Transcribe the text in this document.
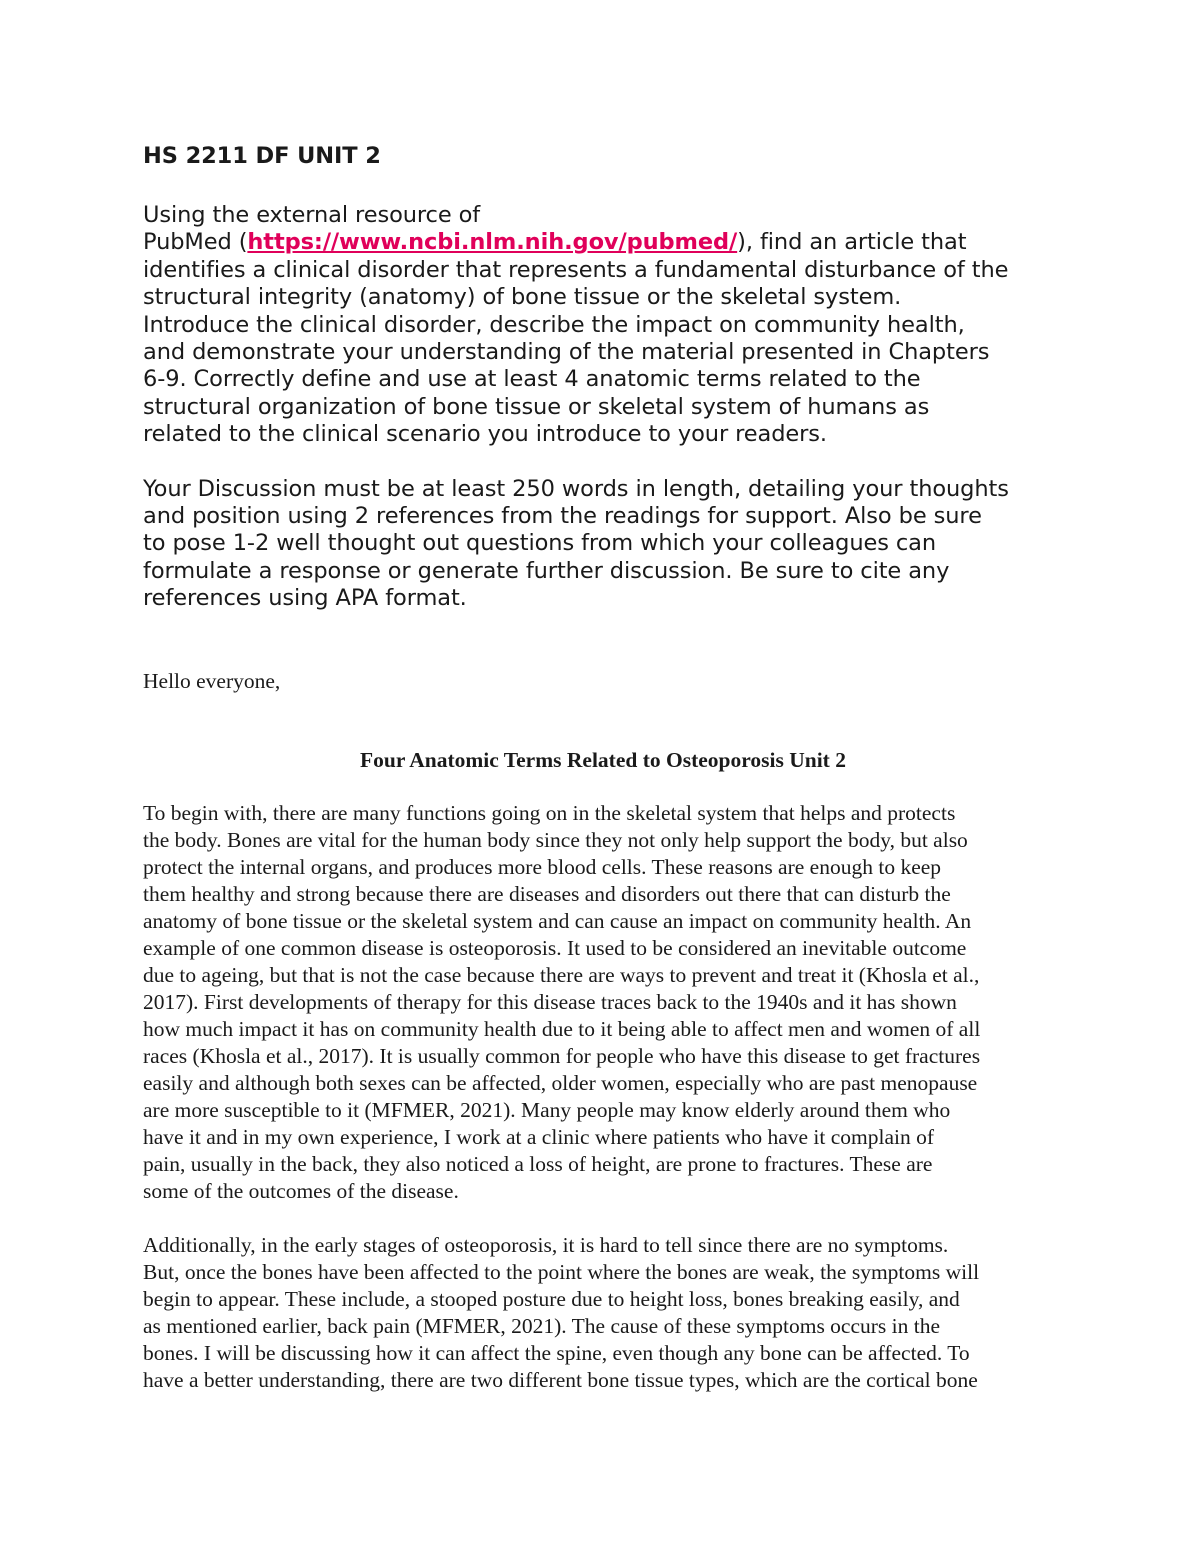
HS 2211 DF UNIT 2
Using the external resource of
PubMed (https://www.ncbi.nlm.nih.gov/pubmed/), find an article that
identifies a clinical disorder that represents a fundamental disturbance of the
structural integrity (anatomy) of bone tissue or the skeletal system.
Introduce the clinical disorder, describe the impact on community health,
and demonstrate your understanding of the material presented in Chapters
6-9. Correctly define and use at least 4 anatomic terms related to the
structural organization of bone tissue or skeletal system of humans as
related to the clinical scenario you introduce to your readers.
Your Discussion must be at least 250 words in length, detailing your thoughts
and position using 2 references from the readings for support. Also be sure
to pose 1-2 well thought out questions from which your colleagues can
formulate a response or generate further discussion. Be sure to cite any
references using APA format.
Hello everyone,
Four Anatomic Terms Related to Osteoporosis Unit 2
To begin with, there are many functions going on in the skeletal system that helps and protects
the body. Bones are vital for the human body since they not only help support the body, but also
protect the internal organs, and produces more blood cells. These reasons are enough to keep
them healthy and strong because there are diseases and disorders out there that can disturb the
anatomy of bone tissue or the skeletal system and can cause an impact on community health. An
example of one common disease is osteoporosis. It used to be considered an inevitable outcome
due to ageing, but that is not the case because there are ways to prevent and treat it (Khosla et al.,
2017). First developments of therapy for this disease traces back to the 1940s and it has shown
how much impact it has on community health due to it being able to affect men and women of all
races (Khosla et al., 2017). It is usually common for people who have this disease to get fractures
easily and although both sexes can be affected, older women, especially who are past menopause
are more susceptible to it (MFMER, 2021). Many people may know elderly around them who
have it and in my own experience, I work at a clinic where patients who have it complain of
pain, usually in the back, they also noticed a loss of height, are prone to fractures. These are
some of the outcomes of the disease.
Additionally, in the early stages of osteoporosis, it is hard to tell since there are no symptoms.
But, once the bones have been affected to the point where the bones are weak, the symptoms will
begin to appear. These include, a stooped posture due to height loss, bones breaking easily, and
as mentioned earlier, back pain (MFMER, 2021). The cause of these symptoms occurs in the
bones. I will be discussing how it can affect the spine, even though any bone can be affected. To
have a better understanding, there are two different bone tissue types, which are the cortical bone
